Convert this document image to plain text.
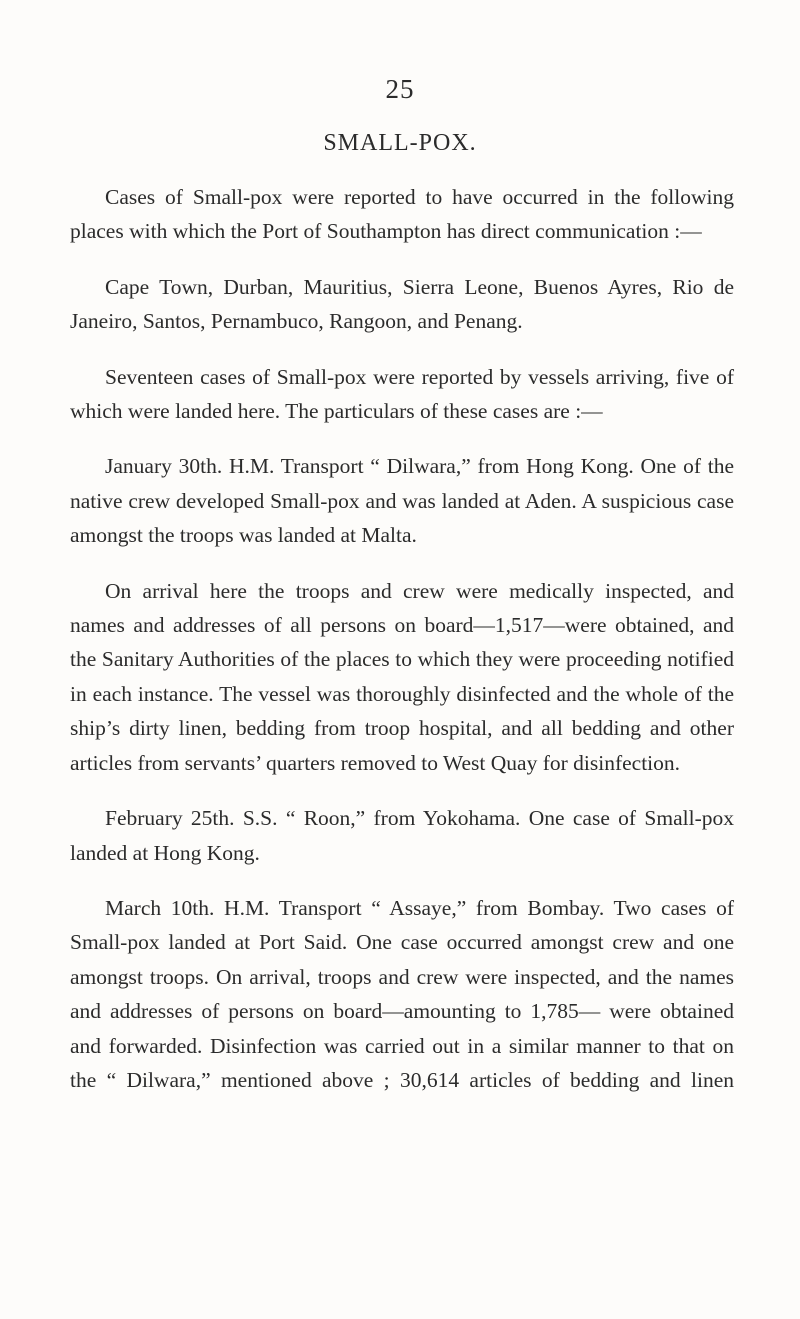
25
SMALL-POX.

Cases of Small-pox were reported to have occurred in the following places with which the Port of Southampton has direct communication :—

Cape Town, Durban, Mauritius, Sierra Leone, Buenos Ayres, Rio de Janeiro, Santos, Pernambuco, Rangoon, and Penang.

Seventeen cases of Small-pox were reported by vessels arriving, five of which were landed here. The particulars of these cases are :—

January 30th. H.M. Transport “ Dilwara,” from Hong Kong. One of the native crew developed Small-pox and was landed at Aden. A suspicious case amongst the troops was landed at Malta.

On arrival here the troops and crew were medically inspected, and names and addresses of all persons on board—1,517—were obtained, and the Sanitary Authorities of the places to which they were proceeding notified in each instance. The vessel was thoroughly disinfected and the whole of the ship’s dirty linen, bedding from troop hospital, and all bedding and other articles from servants’ quarters removed to West Quay for disinfection.

February 25th. S.S. “ Roon,” from Yokohama. One case of Small-pox landed at Hong Kong.

March 10th. H.M. Transport “ Assaye,” from Bombay. Two cases of Small-pox landed at Port Said. One case occurred amongst crew and one amongst troops. On arrival, troops and crew were inspected, and the names and addresses of persons on board—amounting to 1,785— were obtained and forwarded. Disinfection was carried out in a similar manner to that on the “ Dilwara,” mentioned above ; 30,614 articles of bedding and linen
